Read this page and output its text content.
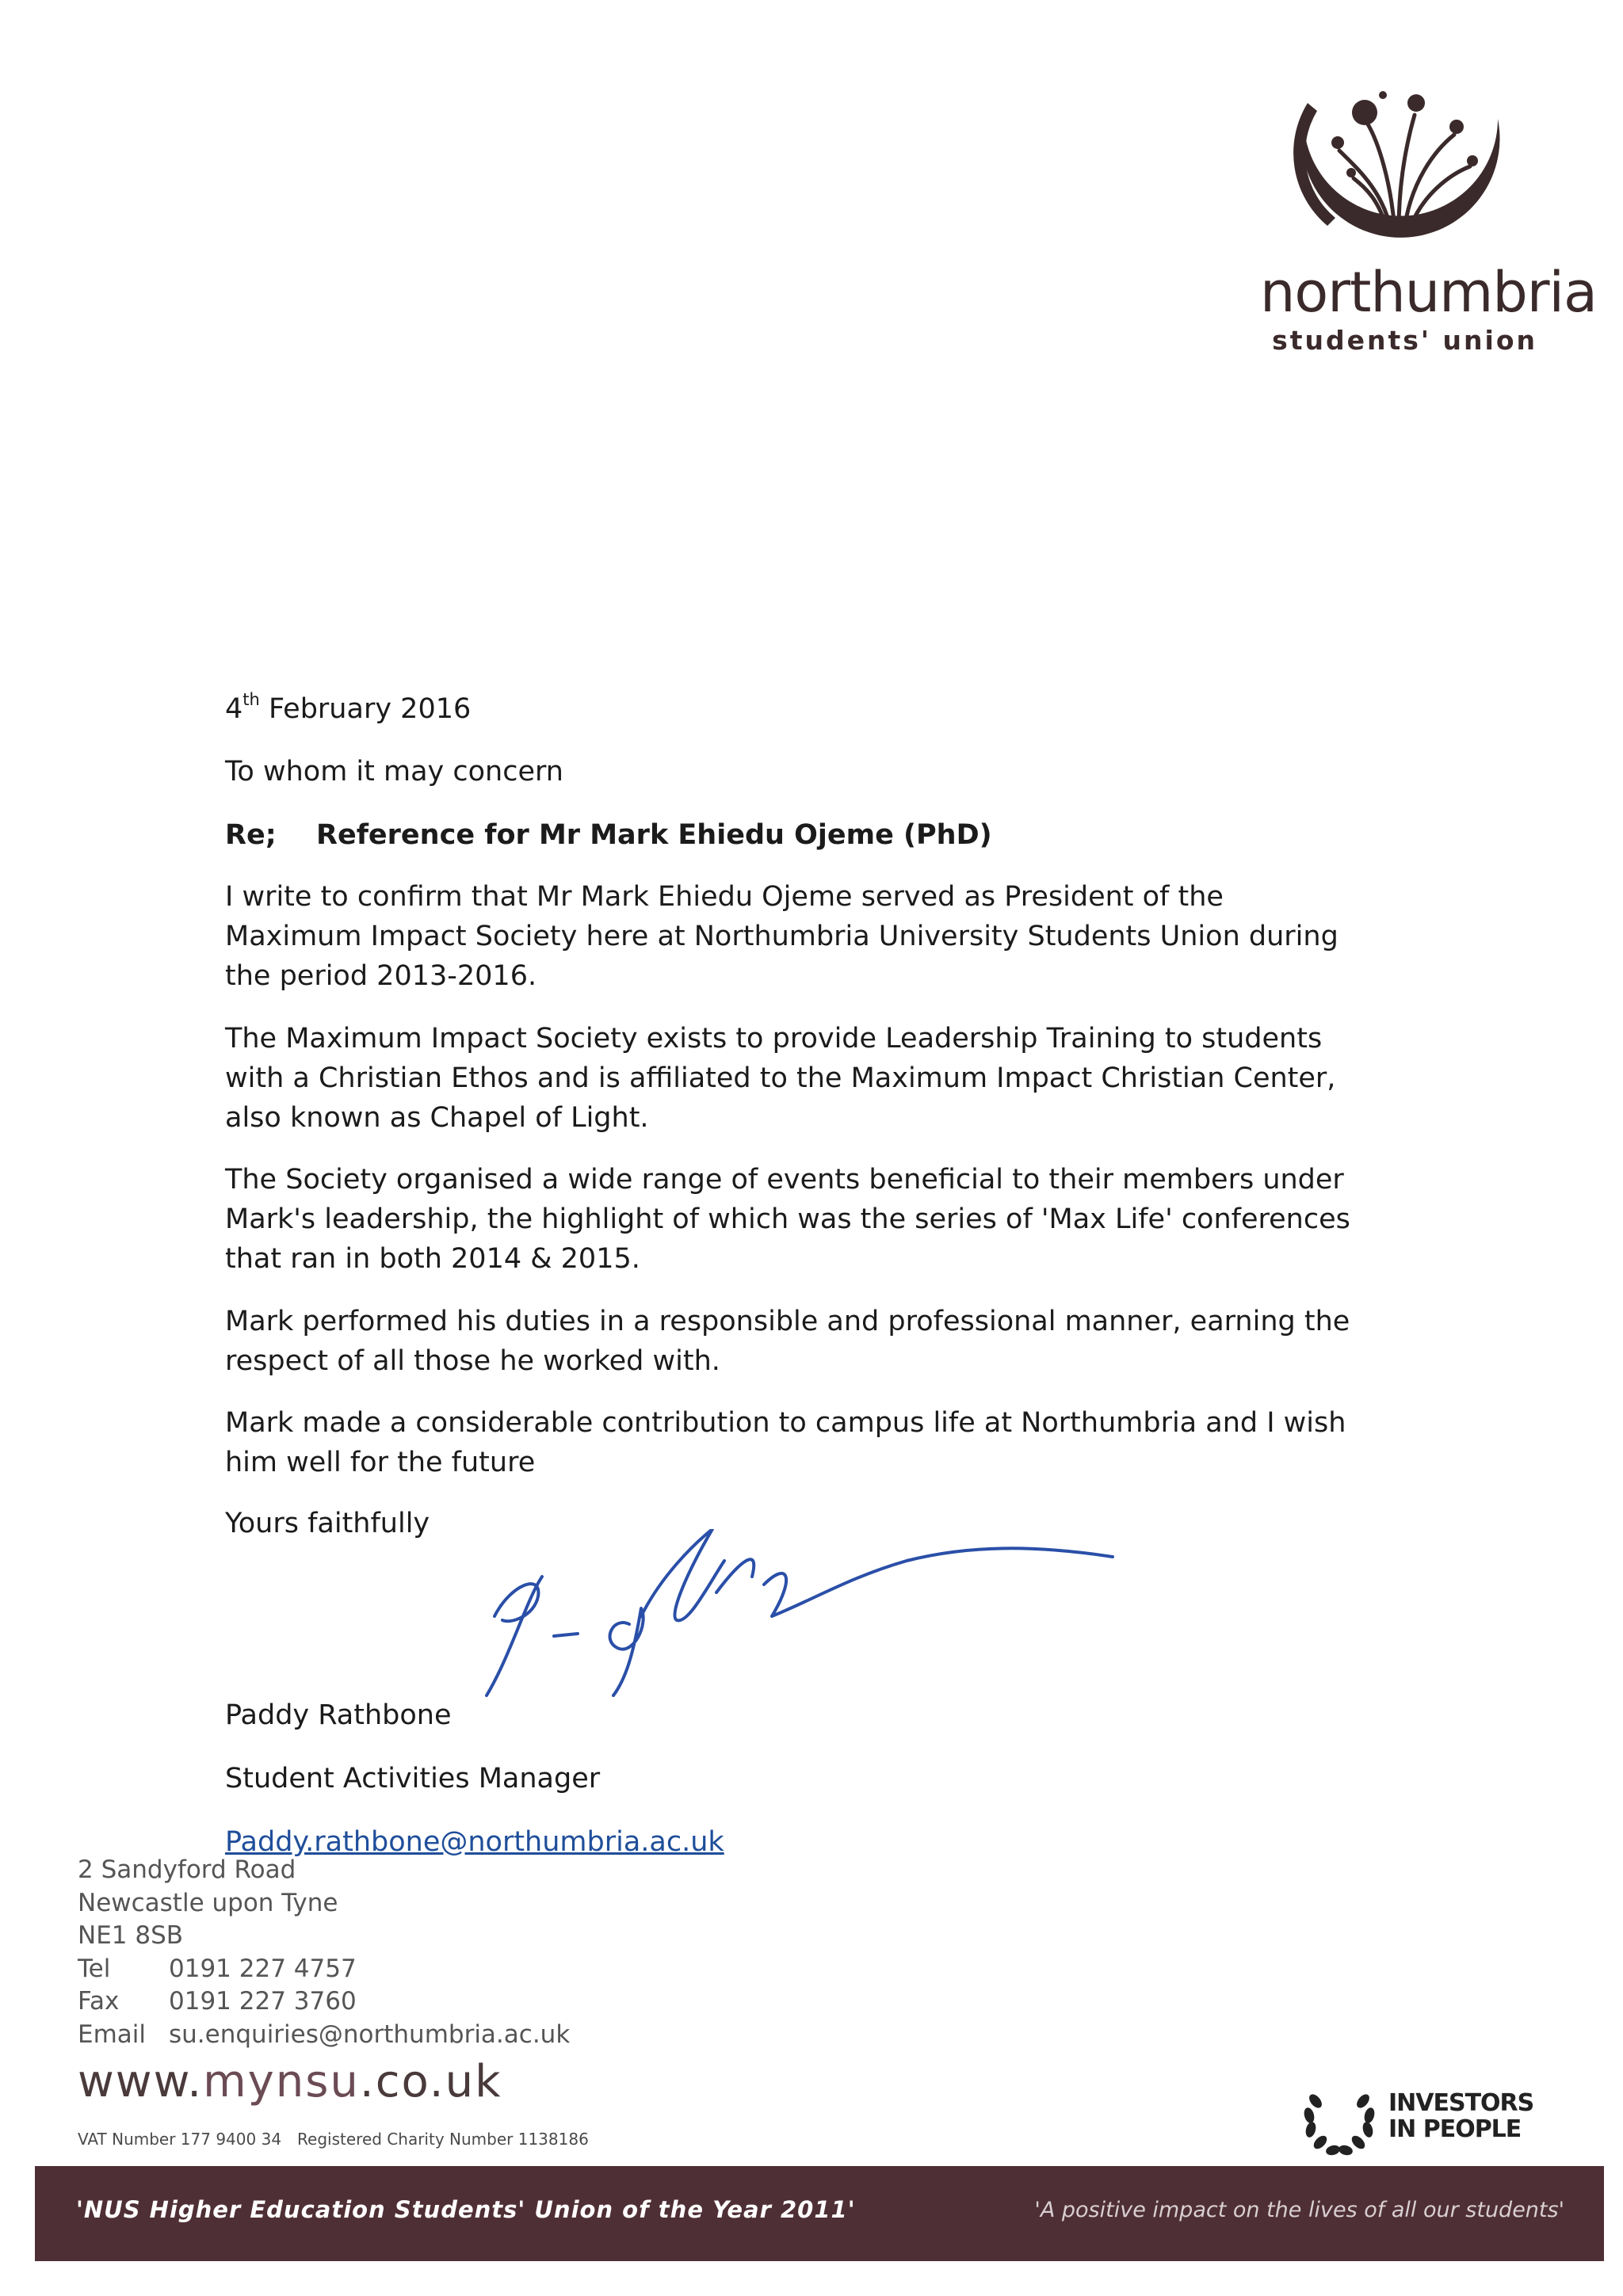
northumbria
students' union
4th February 2016
To whom it may concern
Re; Reference for Mr Mark Ehiedu Ojeme (PhD)
I write to confirm that Mr Mark Ehiedu Ojeme served as President of the Maximum Impact Society here at Northumbria University Students Union during the period 2013-2016.
The Maximum Impact Society exists to provide Leadership Training to students with a Christian Ethos and is affiliated to the Maximum Impact Christian Center, also known as Chapel of Light.
The Society organised a wide range of events beneficial to their members under Mark's leadership, the highlight of which was the series of 'Max Life' conferences that ran in both 2014 & 2015.
Mark performed his duties in a responsible and professional manner, earning the respect of all those he worked with.
Mark made a considerable contribution to campus life at Northumbria and I wish him well for the future
Yours faithfully
Paddy Rathbone
Student Activities Manager
Paddy.rathbone@northumbria.ac.uk
2 Sandyford Road
Newcastle upon Tyne
NE1 8SB
Tel	0191 227 4757
Fax	0191 227 3760
Email su.enquiries@northumbria.ac.uk
www.mynsu.co.uk
VAT Number 177 9400 34 Registered Charity Number 1138186
INVESTORS
IN PEOPLE
'NUS Higher Education Students' Union of the Year 2011'	'A positive impact on the lives of all our students'
